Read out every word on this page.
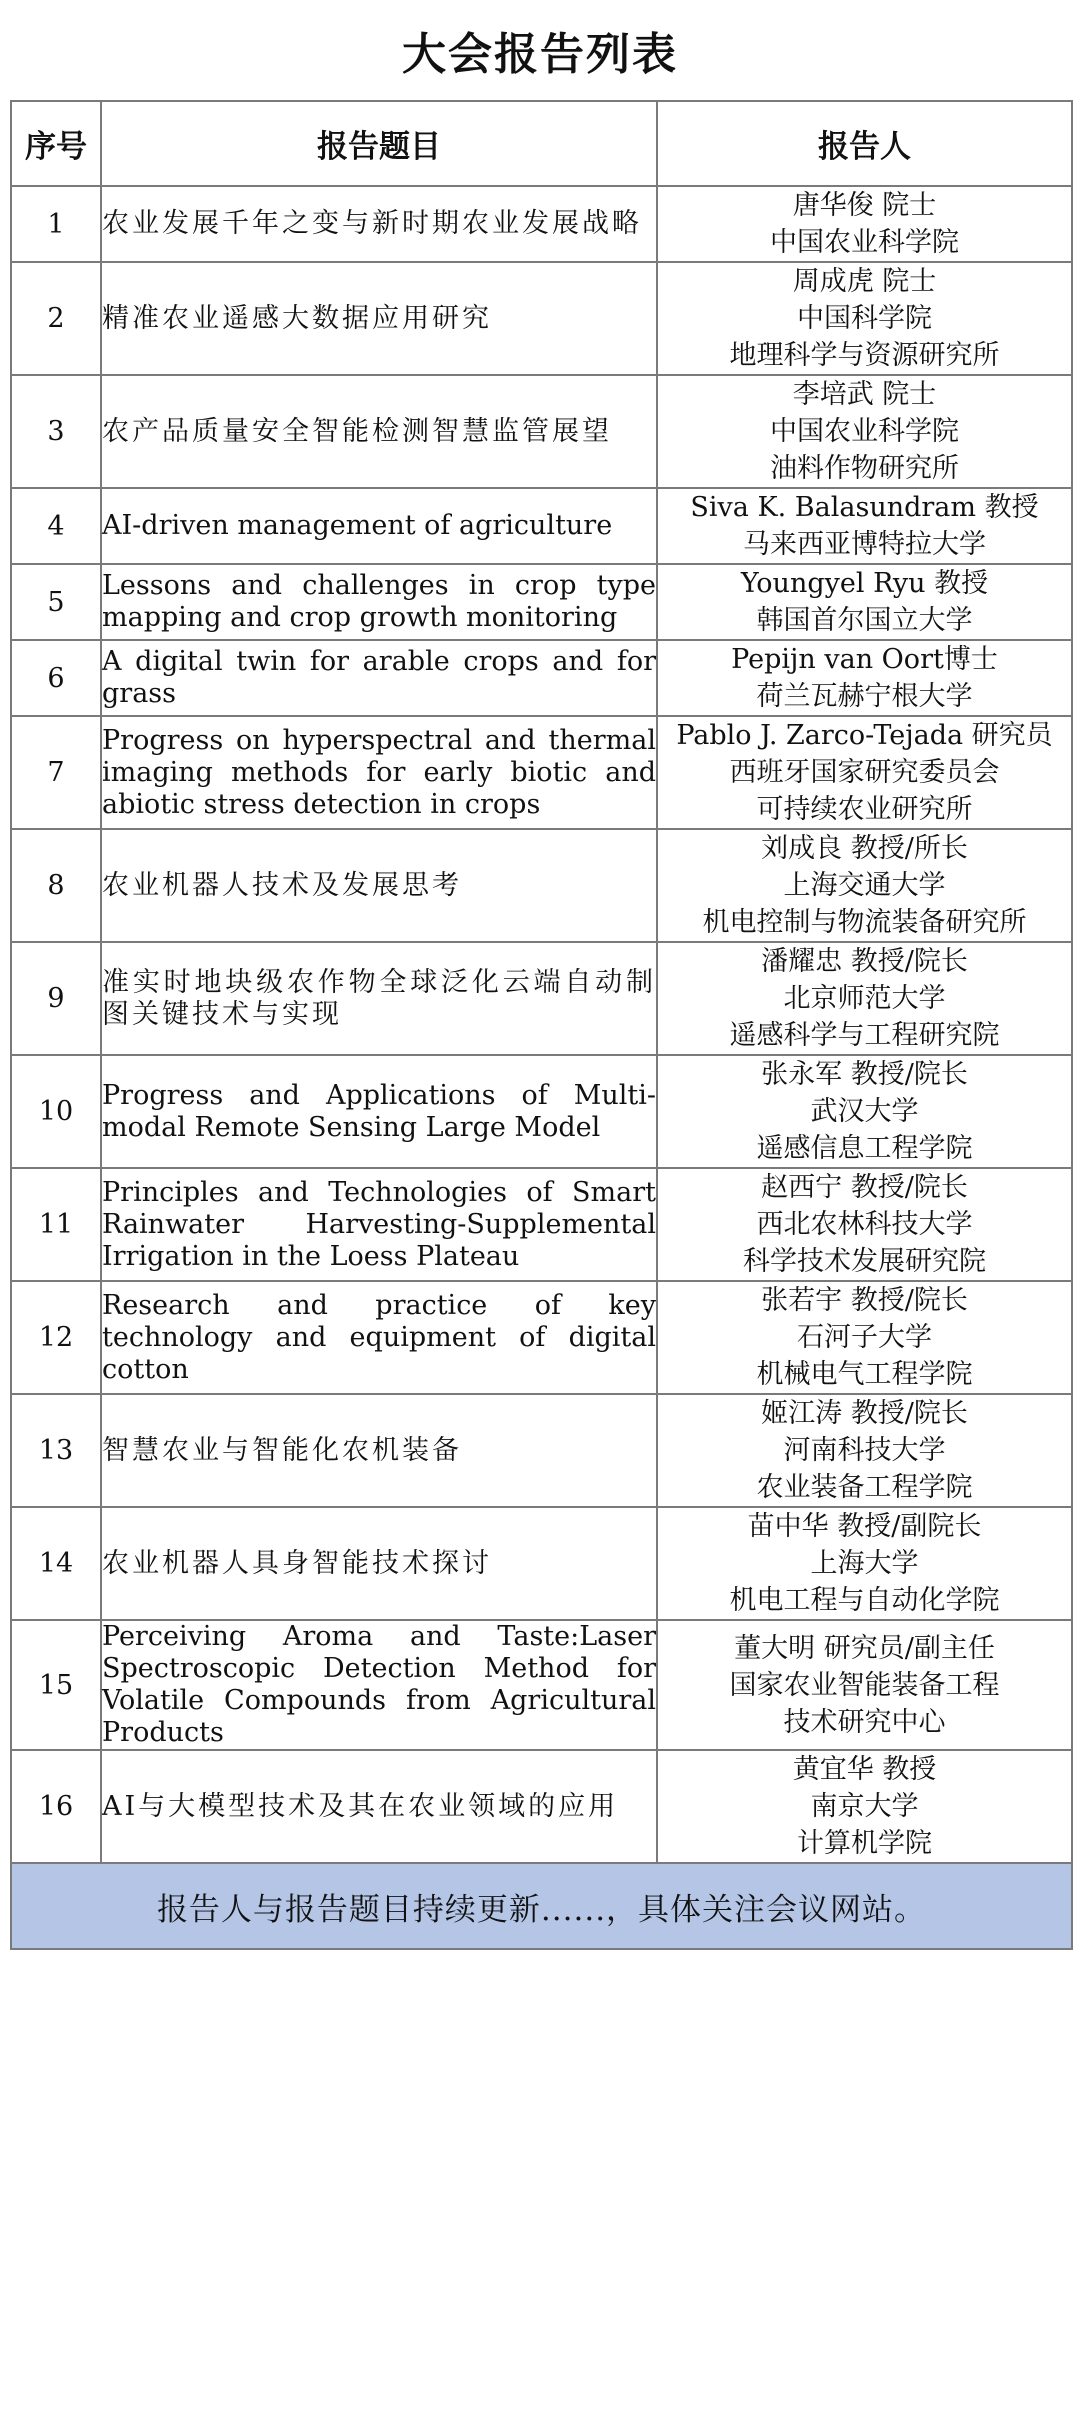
大会报告列表
序号	报告题目	报告人
1	农业发展千年之变与新时期农业发展战略	唐华俊 院士
中国农业科学院

2	精准农业遥感大数据应用研究	周成虎 院士
中国科学院
地理科学与资源研究所

3	农产品质量安全智能检测智慧监管展望	李培武 院士
中国农业科学院
油料作物研究所

4	AI-driven management of agriculture	Siva K. Balasundram 教授
马来西亚博特拉大学

5	Lessons and challenges in crop type mapping and crop growth monitoring	Youngyel Ryu 教授
韩国首尔国立大学

6	A digital twin for arable crops and for grass	Pepijn van Oort博士
荷兰瓦赫宁根大学

7	Progress on hyperspectral and thermal imaging methods for early biotic and abiotic stress detection in crops	Pablo J. Zarco-Tejada 研究员
西班牙国家研究委员会
可持续农业研究所

8	农业机器人技术及发展思考	刘成良 教授/所长
上海交通大学
机电控制与物流装备研究所

9	准实时地块级农作物全球泛化云端自动制图关键技术与实现	潘耀忠 教授/院长
北京师范大学
遥感科学与工程研究院

10	Progress and Applications of Multi-modal Remote Sensing Large Model	张永军 教授/院长
武汉大学
遥感信息工程学院

11	Principles and Technologies of Smart Rainwater Harvesting-Supplemental Irrigation in the Loess Plateau	赵西宁 教授/院长
西北农林科技大学
科学技术发展研究院

12	Research and practice of key technology and equipment of digital cotton	张若宇 教授/院长
石河子大学
机械电气工程学院

13	智慧农业与智能化农机装备	姬江涛 教授/院长
河南科技大学
农业装备工程学院

14	农业机器人具身智能技术探讨	苗中华 教授/副院长
上海大学
机电工程与自动化学院

15	Perceiving Aroma and Taste:Laser Spectroscopic Detection Method for Volatile Compounds from Agricultural Products	董大明 研究员/副主任
国家农业智能装备工程
技术研究中心

16	AI与大模型技术及其在农业领域的应用	黄宜华 教授
南京大学
计算机学院

报告人与报告题目持续更新......，具体关注会议网站。		
